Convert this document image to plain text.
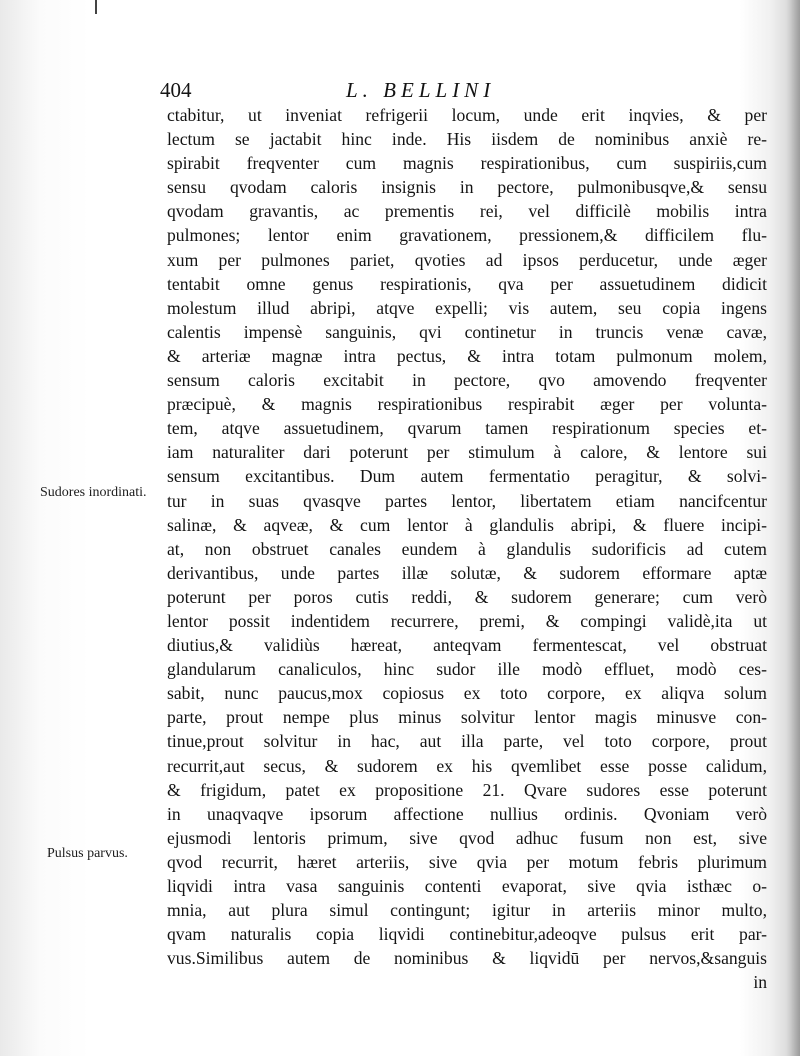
404	L. BELLINI
Sudores inordinati.
Pulsus parvus.
ctabitur, ut inveniat refrigerii locum, unde erit inqvies, & per
lectum se jactabit hinc inde. His iisdem de nominibus anxiè re-
spirabit freqventer cum magnis respirationibus, cum suspiriis,cum
sensu qvodam caloris insignis in pectore, pulmonibusqve,& sensu
qvodam gravantis, ac prementis rei, vel difficilè mobilis intra
pulmones; lentor enim gravationem, pressionem,& difficilem flu-
xum per pulmones pariet, qvoties ad ipsos perducetur, unde æger
tentabit omne genus respirationis, qva per assuetudinem didicit
molestum illud abripi, atqve expelli; vis autem, seu copia ingens
calentis impensè sanguinis, qvi continetur in truncis venæ cavæ,
& arteriæ magnæ intra pectus, & intra totam pulmonum molem,
sensum caloris excitabit in pectore, qvo amovendo freqventer
præcipuè, & magnis respirationibus respirabit æger per volunta-
tem, atqve assuetudinem, qvarum tamen respirationum species et-
iam naturaliter dari poterunt per stimulum à calore, & lentore sui
sensum excitantibus. Dum autem fermentatio peragitur, & solvi-
tur in suas qvasqve partes lentor, libertatem etiam nancifcentur
salinæ, & aqveæ, & cum lentor à glandulis abripi, & fluere incipi-
at, non obstruet canales eundem à glandulis sudorificis ad cutem
derivantibus, unde partes illæ solutæ, & sudorem efformare aptæ
poterunt per poros cutis reddi, & sudorem generare; cum verò
lentor possit indentidem recurrere, premi, & compingi validè,ita ut
diutius,& validiùs hæreat, anteqvam fermentescat, vel obstruat
glandularum canaliculos, hinc sudor ille modò effluet, modò ces-
sabit, nunc paucus,mox copiosus ex toto corpore, ex aliqva solum
parte, prout nempe plus minus solvitur lentor magis minusve con-
tinue,prout solvitur in hac, aut illa parte, vel toto corpore, prout
recurrit,aut secus, & sudorem ex his qvemlibet esse posse calidum,
& frigidum, patet ex propositione 21. Qvare sudores esse poterunt
in unaqvaqve ipsorum affectione nullius ordinis. Qvoniam verò
ejusmodi lentoris primum, sive qvod adhuc fusum non est, sive
qvod recurrit, hæret arteriis, sive qvia per motum febris plurimum
liqvidi intra vasa sanguinis contenti evaporat, sive qvia isthæc o-
mnia, aut plura simul contingunt; igitur in arteriis minor multo,
qvam naturalis copia liqvidi continebitur,adeoqve pulsus erit par-
vus.Similibus autem de nominibus & liqvidū per nervos,&sanguis
in
